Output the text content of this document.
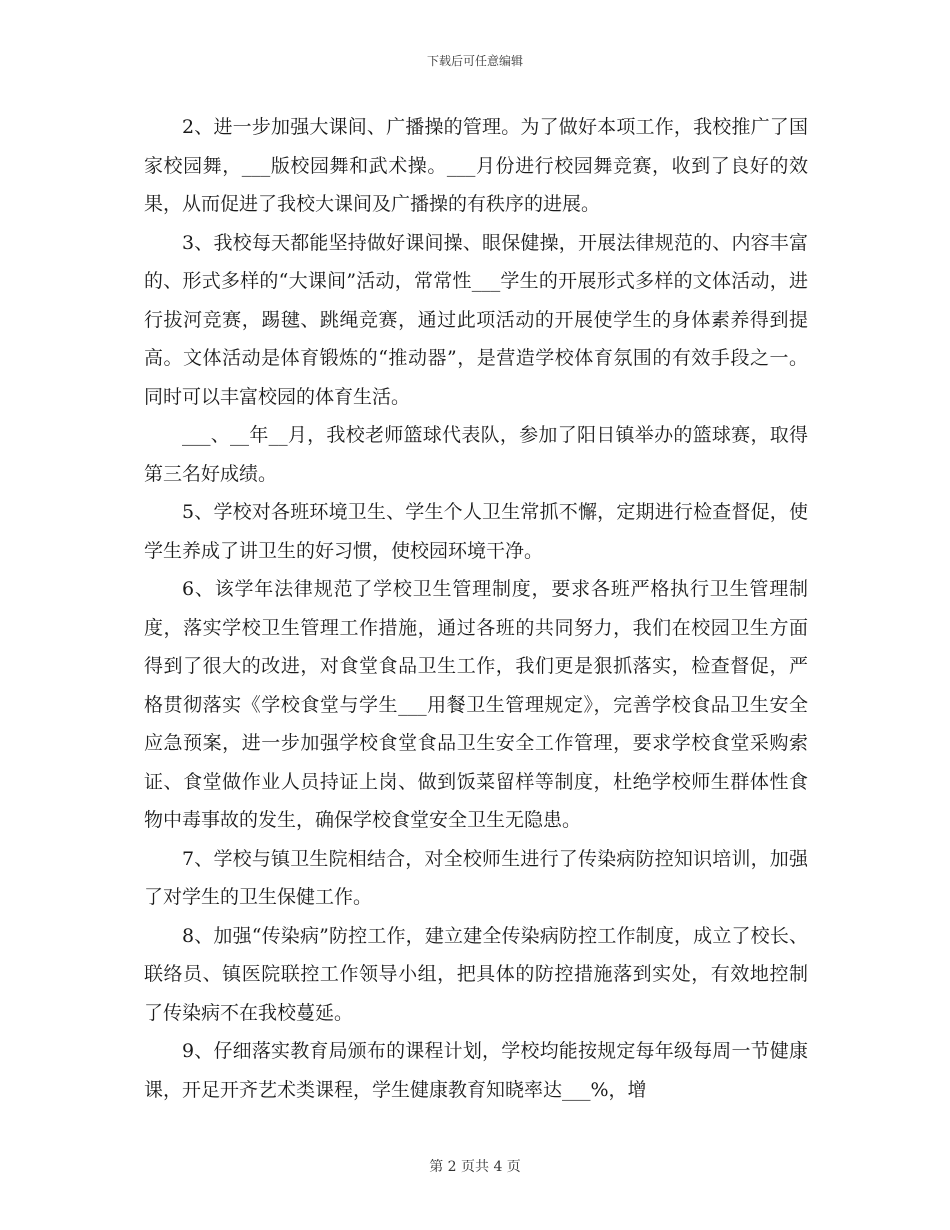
下载后可任意编辑

2、进一步加强大课间、广播操的管理。为了做好本项工作，我校推广了国家校园舞，___版校园舞和武术操。___月份进行校园舞竞赛，收到了良好的效果，从而促进了我校大课间及广播操的有秩序的进展。

3、我校每天都能坚持做好课间操、眼保健操，开展法律规范的、内容丰富的、形式多样的“大课间”活动，常常性___学生的开展形式多样的文体活动，进行拔河竞赛，踢毽、跳绳竞赛，通过此项活动的开展使学生的身体素养得到提高。文体活动是体育锻炼的“推动器”，是营造学校体育氛围的有效手段之一。同时可以丰富校园的体育生活。

___、__年__月，我校老师篮球代表队，参加了阳日镇举办的篮球赛，取得第三名好成绩。

5、学校对各班环境卫生、学生个人卫生常抓不懈，定期进行检查督促，使学生养成了讲卫生的好习惯，使校园环境干净。

6、该学年法律规范了学校卫生管理制度，要求各班严格执行卫生管理制度，落实学校卫生管理工作措施，通过各班的共同努力，我们在校园卫生方面得到了很大的改进，对食堂食品卫生工作，我们更是狠抓落实，检查督促，严格贯彻落实《学校食堂与学生___用餐卫生管理规定》，完善学校食品卫生安全应急预案，进一步加强学校食堂食品卫生安全工作管理，要求学校食堂采购索证、食堂做作业人员持证上岗、做到饭菜留样等制度，杜绝学校师生群体性食物中毒事故的发生，确保学校食堂安全卫生无隐患。

7、学校与镇卫生院相结合，对全校师生进行了传染病防控知识培训，加强了对学生的卫生保健工作。

8、加强“传染病”防控工作，建立建全传染病防控工作制度，成立了校长、联络员、镇医院联控工作领导小组，把具体的防控措施落到实处，有效地控制了传染病不在我校蔓延。

9、仔细落实教育局颁布的课程计划，学校均能按规定每年级每周一节健康课，开足开齐艺术类课程，学生健康教育知晓率达___%，增

第 2 页共 4 页
